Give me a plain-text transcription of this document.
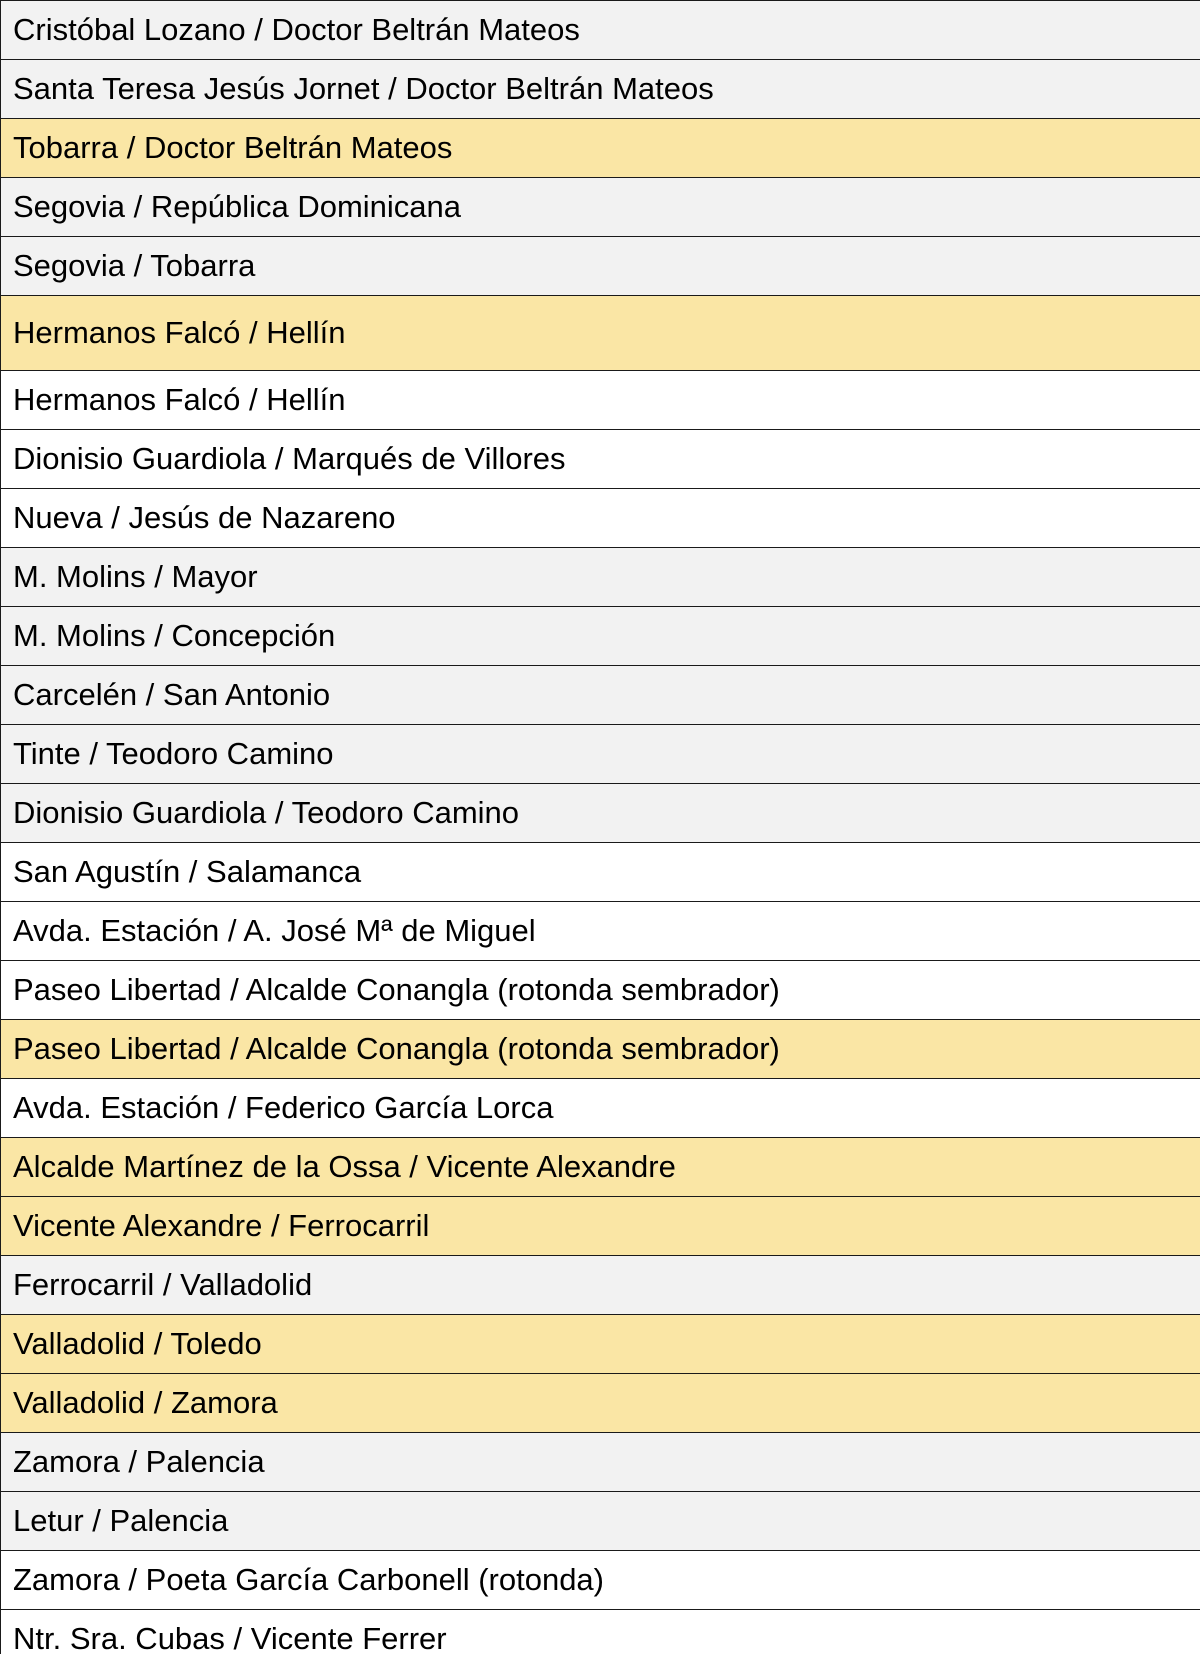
Cristóbal Lozano / Doctor Beltrán Mateos
Santa Teresa Jesús Jornet / Doctor Beltrán Mateos
Tobarra / Doctor Beltrán Mateos
Segovia / República Dominicana
Segovia / Tobarra
Hermanos Falcó / Hellín
Hermanos Falcó / Hellín
Dionisio Guardiola / Marqués de Villores
Nueva / Jesús de Nazareno
M. Molins / Mayor
M. Molins / Concepción
Carcelén / San Antonio
Tinte / Teodoro Camino
Dionisio Guardiola / Teodoro Camino
San Agustín / Salamanca
Avda. Estación / A. José Mª de Miguel
Paseo Libertad / Alcalde Conangla (rotonda sembrador)
Paseo Libertad / Alcalde Conangla (rotonda sembrador)
Avda. Estación / Federico García Lorca
Alcalde Martínez de la Ossa / Vicente Alexandre
Vicente Alexandre / Ferrocarril
Ferrocarril / Valladolid
Valladolid / Toledo
Valladolid / Zamora
Zamora / Palencia
Letur / Palencia
Zamora / Poeta García Carbonell (rotonda)
Ntr. Sra. Cubas / Vicente Ferrer
